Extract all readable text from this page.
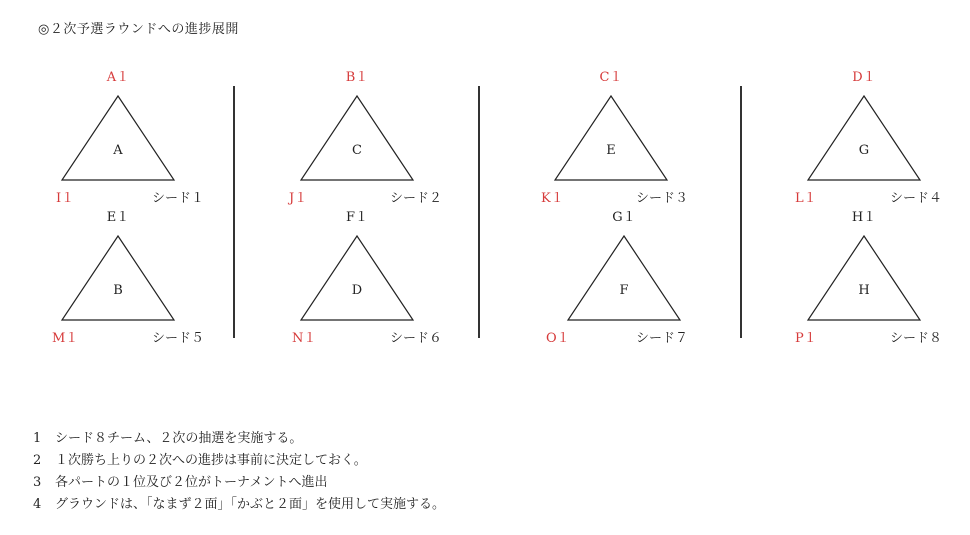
◎２次予選ラウンドへの進捗展開
A１
A
I１	シード１
E１
B
M１	シード５
B１
C
J１	シード２
F１
D
N１	シード６
C１
E
K１	シード３
G１
F
O１	シード７
D１
G
L１	シード４
H１
H
P１	シード８
1 シード８チーム、２次の抽選を実施する。
2 １次勝ち上りの２次への進捗は事前に決定しておく。
3 各パートの１位及び２位がトーナメントへ進出
4 グラウンドは、「なまず２面」「かぶと２面」を使用して実施する。
